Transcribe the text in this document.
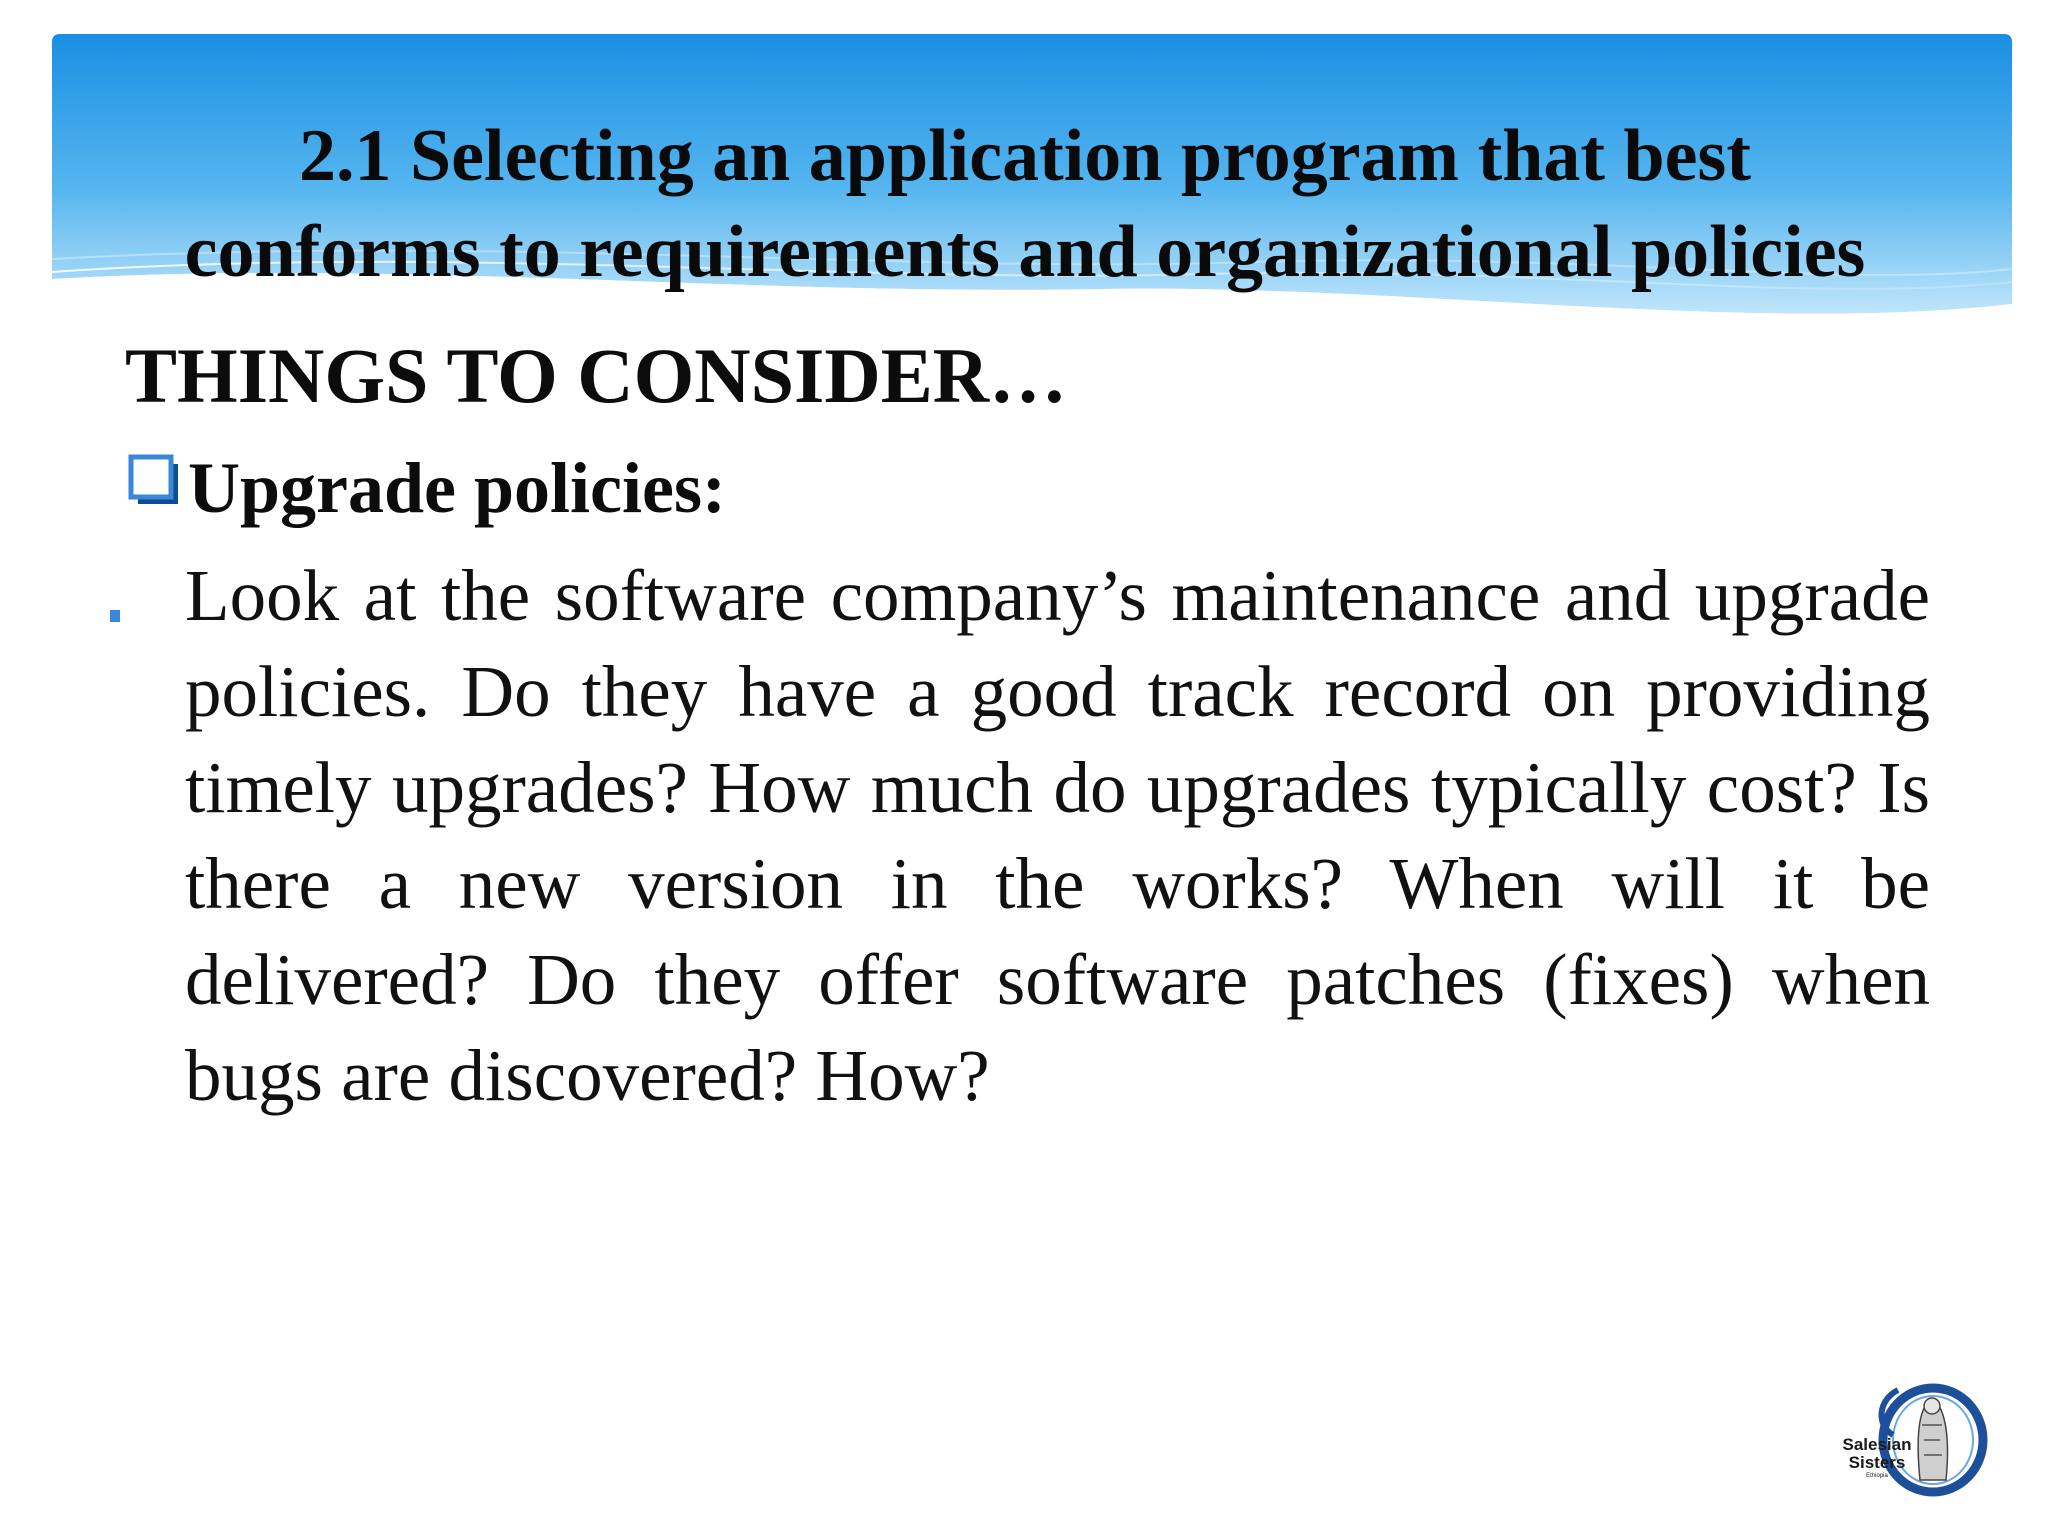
2.1 Selecting an application program that best
conforms to requirements and organizational policies
THINGS TO CONSIDER…
Upgrade policies:

Look at the software company’s maintenance and upgrade policies. Do they have a good track record on providing timely upgrades? How much do upgrades typically cost? Is there a new version in the works? When will it be delivered? Do they offer software patches (fixes) when bugs are discovered? How?

Salesian
Sisters
Ethiopia
